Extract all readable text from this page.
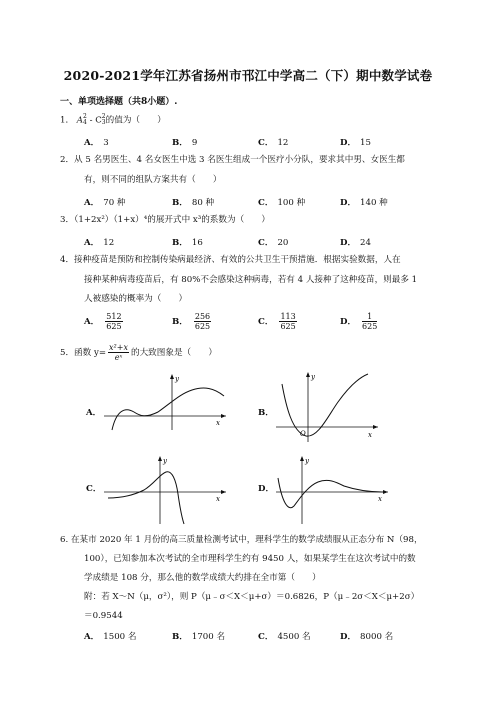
2020-2021学年江苏省扬州市邗江中学高二（下）期中数学试卷
一、单项选择题（共8小题）.
1． A 2
4 - C 2
3 的值为（　　）
A． 3	B． 9	C． 12	D． 15
2．从 5 名男医生、4 名女医生中选 3 名医生组成一个医疗小分队，要求其中男、女医生都
有，则不同的组队方案共有（　　）
A． 70 种	B． 80 种	C． 100 种	D． 140 种
3．（1+2x²）（1+x）⁴的展开式中 x³的系数为（　　）
A． 12	B． 16	C． 20	D． 24
4．接种疫苗是预防和控制传染病最经济、有效的公共卫生干预措施．根据实验数据，人在
接种某种病毒疫苗后，有 80%不会感染这种病毒，若有 4 人接种了这种疫苗，则最多 1
人被感染的概率为（　　）
A． $\frac{512}{625}$	B． $\frac{256}{625}$	C． $\frac{113}{625}$	D． $\frac{1}{625}$
5．函数 $y= \frac{\text{x²+x}}{\text{eˣ}}$ 的大致图象是（　　）
A．
y
x
B．
y
O	x
C．
y
x
D．
y
x
6. 在某市 2020 年 1 月份的高三质量检测考试中，理科学生的数学成绩服从正态分布 N（98，
100），已知参加本次考试的全市理科学生约有 9450 人，如果某学生在这次考试中的数
学成绩是 108 分，那么他的数学成绩大约排在全市第（　　）
附：若 X～N（μ，σ²），则 P（μ﹣σ＜X＜μ+σ）＝0.6826，P（μ﹣2σ＜X＜μ+2σ）
＝0.9544
A． 1500 名	B． 1700 名	C． 4500 名	D． 8000 名
